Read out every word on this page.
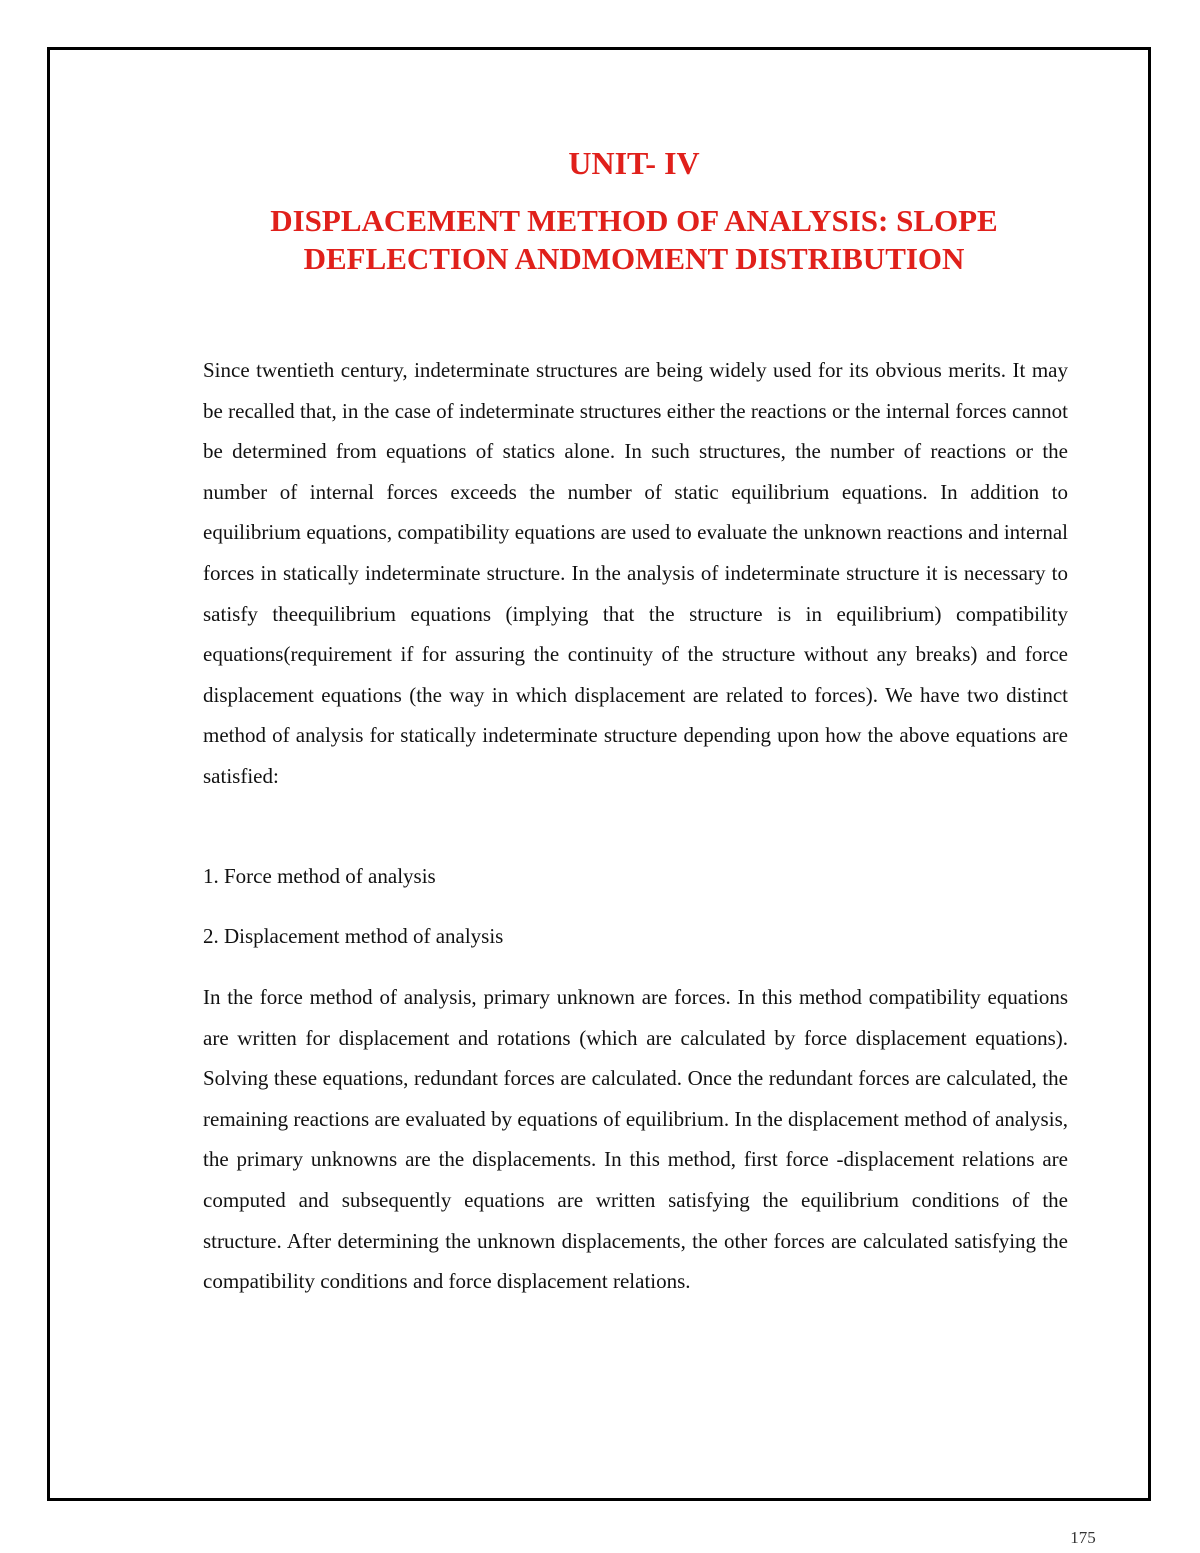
UNIT- IV
DISPLACEMENT METHOD OF ANALYSIS: SLOPE DEFLECTION ANDMOMENT DISTRIBUTION

Since twentieth century, indeterminate structures are being widely used for its obvious merits. It may be recalled that, in the case of indeterminate structures either the reactions or the internal forces cannot be determined from equations of statics alone. In such structures, the number of reactions or the number of internal forces exceeds the number of static equilibrium equations. In addition to equilibrium equations, compatibility equations are used to evaluate the unknown reactions and internal forces in statically indeterminate structure. In the analysis of indeterminate structure it is necessary to satisfy theequilibrium equations (implying that the structure is in equilibrium) compatibility equations(requirement if for assuring the continuity of the structure without any breaks) and force displacement equations (the way in which displacement are related to forces). We have two distinct method of analysis for statically indeterminate structure depending upon how the above equations are satisfied:

1. Force method of analysis

2. Displacement method of analysis

In the force method of analysis, primary unknown are forces. In this method compatibility equations are written for displacement and rotations (which are calculated by force displacement equations). Solving these equations, redundant forces are calculated. Once the redundant forces are calculated, the remaining reactions are evaluated by equations of equilibrium. In the displacement method of analysis, the primary unknowns are the displacements. In this method, first force -displacement relations are computed and subsequently equations are written satisfying the equilibrium conditions of the structure. After determining the unknown displacements, the other forces are calculated satisfying the compatibility conditions and force displacement relations.

175
